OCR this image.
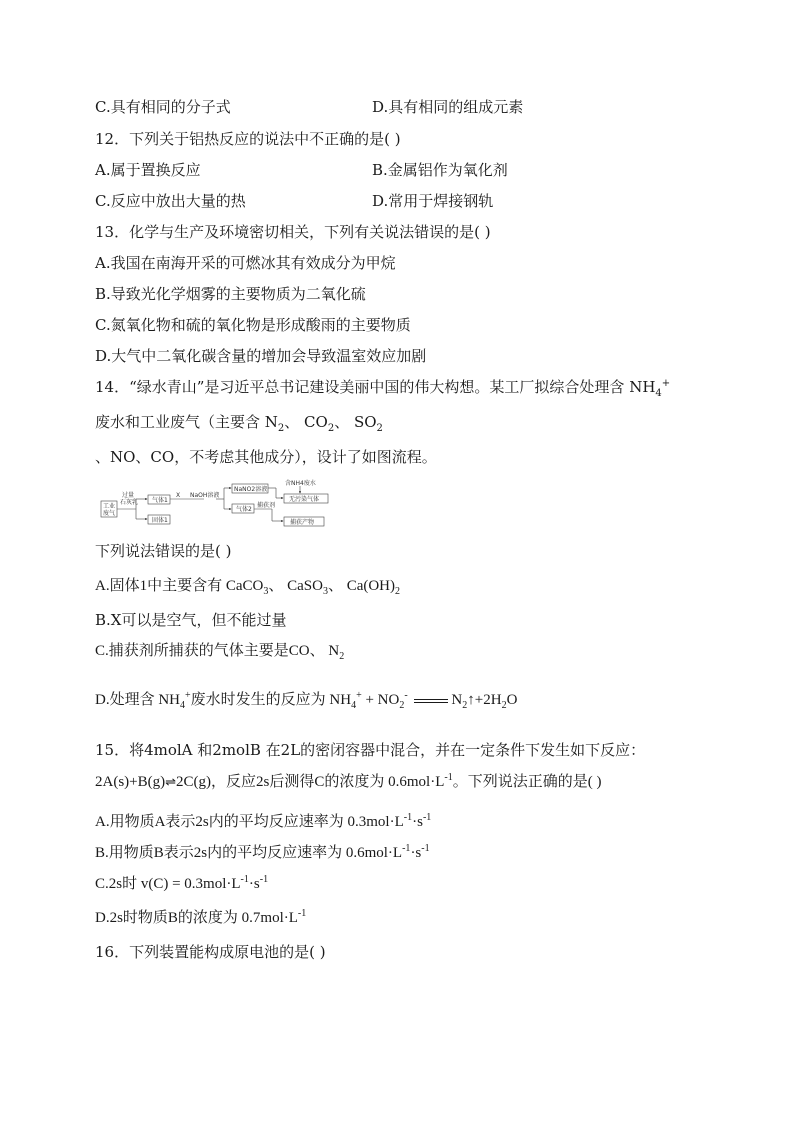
C.具有相同的分子式	D.具有相同的组成元素
12．下列关于铝热反应的说法中不正确的是( )
A.属于置换反应	B.金属铝作为氧化剂
C.反应中放出大量的热	D.常用于焊接钢轨
13．化学与生产及环境密切相关，下列有关说法错误的是( )
A.我国在南海开采的可燃冰其有效成分为甲烷
B.导致光化学烟雾的主要物质为二氧化硫
C.氮氧化物和硫的氧化物是形成酸雨的主要物质
D.大气中二氧化碳含量的增加会导致温室效应加剧
14．“绿水青山”是习近平总书记建设美丽中国的伟大构想。某工厂拟综合处理含 $NH_4^+$
废水和工业废气（主要含 $N_2$、 $CO_2$、 $SO_2$
、NO、CO，不考虑其他成分），设计了如图流程。
工业
废气
过量
石灰乳 气体1
固体1
X NaOH溶液
NaNO2溶液
含NH4废水
气体2
捕获剂
无污染气体
捕获产物
下列说法错误的是( )
A.固体1中主要含有 CaCO$_3$、 CaSO$_3$、 $Ca(OH)_2$
B.X可以是空气，但不能过量
C.捕获剂所捕获的气体主要是CO、 $N_2$
D.处理含 $NH_4^+$废水时发生的反应为 $NH_4^+ + NO_2^-$	$N_2↑+2H_2O$
15．将4molA 和2molB 在2L的密闭容器中混合，并在一定条件下发生如下反应：
2A(s)+B(g)⇌2C(g)，反应2s后测得C的浓度为 $0.6mol\cdot L^{-1}$。下列说法正确的是( )
A.用物质A表示2s内的平均反应速率为 $0.3mol\cdot L^{-1}\cdot s^{-1}$
B.用物质B表示2s内的平均反应速率为 $0.6mol\cdot L^{-1}\cdot s^{-1}$
C.2s时 $v(C) = 0.3mol\cdot L^{-1}\cdot s^{-1}$
D.2s时物质B的浓度为 $0.7mol\cdot L^{-1}$
16．下列装置能构成原电池的是( )
